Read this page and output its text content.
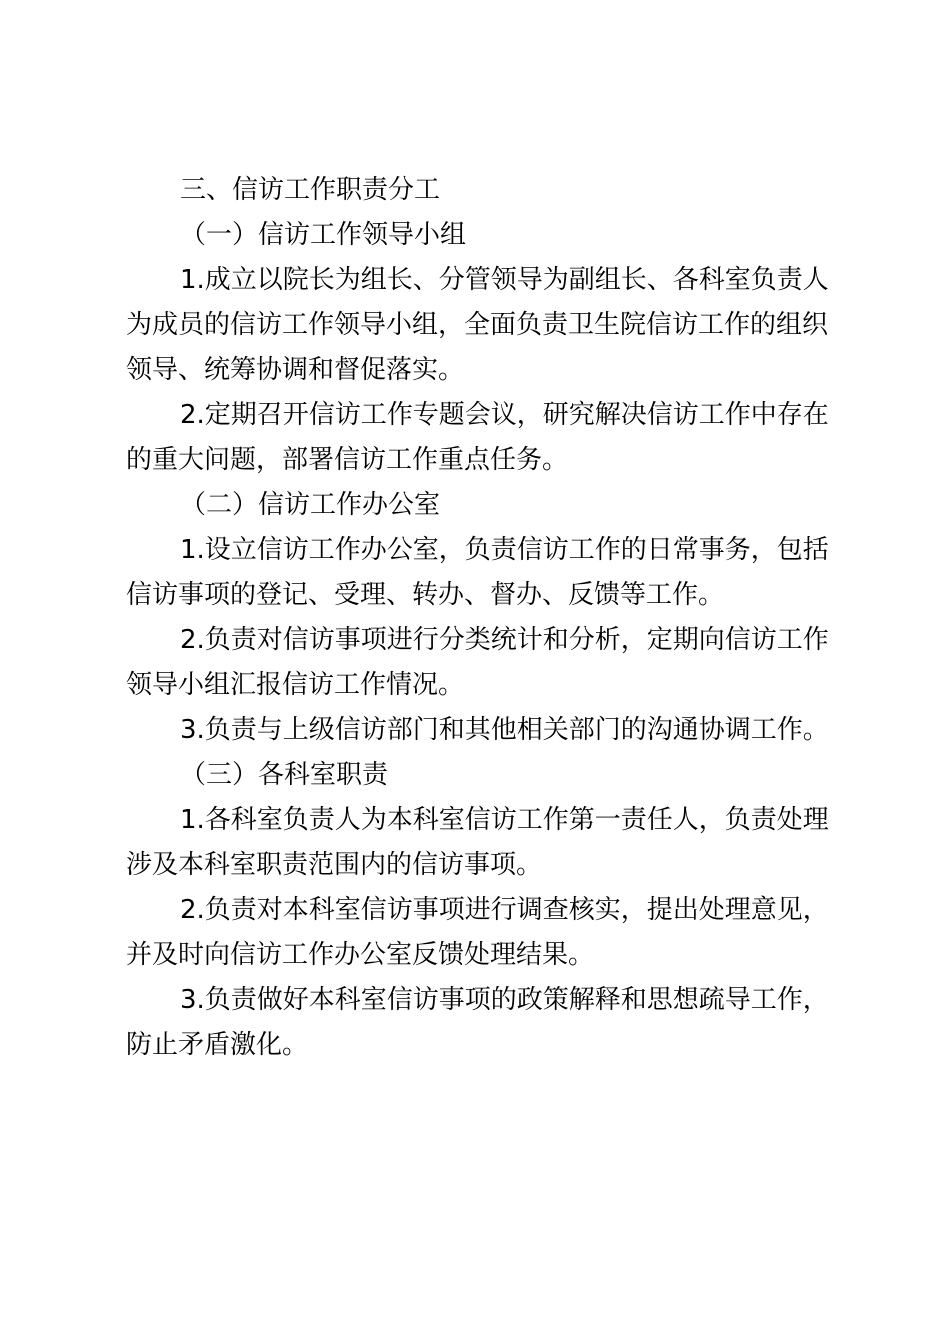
三、信访工作职责分工
（一）信访工作领导小组
1.成立以院长为组长、分管领导为副组长、各科室负责人
为成员的信访工作领导小组，全面负责卫生院信访工作的组织
领导、统筹协调和督促落实。
2.定期召开信访工作专题会议，研究解决信访工作中存在
的重大问题，部署信访工作重点任务。
（二）信访工作办公室
1.设立信访工作办公室，负责信访工作的日常事务，包括
信访事项的登记、受理、转办、督办、反馈等工作。
2.负责对信访事项进行分类统计和分析，定期向信访工作
领导小组汇报信访工作情况。
3.负责与上级信访部门和其他相关部门的沟通协调工作。
（三）各科室职责
1.各科室负责人为本科室信访工作第一责任人，负责处理
涉及本科室职责范围内的信访事项。
2.负责对本科室信访事项进行调查核实，提出处理意见，
并及时向信访工作办公室反馈处理结果。
3.负责做好本科室信访事项的政策解释和思想疏导工作，
防止矛盾激化。
